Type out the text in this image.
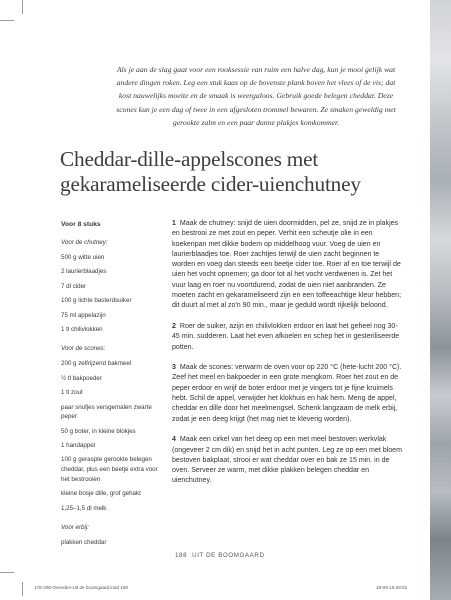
Als je aan de slag gaat voor een rooksessie van ruim een halve dag, kun je mooi gelijk wat andere dingen roken. Leg een stuk kaas op de bovenste plank boven het vlees of de vis; dat kost nauwelijks moeite en de smaak is weergaloos. Gebruik goede belegen cheddar. Deze scones kun je een dag of twee in een afgesloten trommel bewaren. Ze smaken geweldig met gerookte zalm en een paar dunne plakjes komkommer.

Cheddar-dille-appelscones met gekarameliseerde cider-uienchutney
Voor 8 stuks
Voor de chutney:
500 g witte uien
2 laurierblaadjes
7 dl cider
100 g lichte basterdsuiker
75 ml appelazijn
1 tl chilivlokken
Voor de scones:
200 g zelfrijzend bakmeel
½ tl bakpoeder
1 tl zout
paar snufjes versgemalen zwarte peper
50 g boter, in kleine blokjes
1 handappel
100 g geraspte gerookte belegen cheddar, plus een beetje extra voor het bestrooien
kleine bosje dille, grof gehakt
1,25–1,5 dl melk
Voor erbij:
plakken cheddar

1 Maak de chutney: snijd de uien doormidden, pel ze, snijd ze in plakjes en bestrooi ze met zout en peper. Verhit een scheutje olie in een koekenpan met dikke bodem op middelhoog vuur. Voeg de uien en laurierblaadjes toe. Roer zachtjes terwijl de uien zacht beginnen te worden en voeg dan steeds een beetje cider toe. Roer af en toe terwijl de uien het vocht opnemen; ga door tot al het vocht verdwenen is. Zet het vuur laag en roer nu voortdurend, zodat de uien niet aanbranden. Ze moeten zacht en gekarameliseerd zijn en een toffeeachtige kleur hebben; dit duurt al met al zo'n 90 min., maar je geduld wordt rijkelijk beloond.

2 Roer de suiker, azijn en chilivlokken erdoor en laat het geheel nog 30-45 min. sudderen. Laat het even afkoelen en schep het in gesteriliseerde potten.

3 Maak de scones: verwarm de oven voor op 220 °C (hete-lucht 200 °C). Zeef het meel en bakpoeder in een grote mengkom. Roer het zout en de peper erdoor en wrijf de boter erdoor met je vingers tot je fijne kruimels hebt. Schil de appel, verwijder het klokhuis en hak hem. Meng de appel, cheddar en dille door het meelmengsel. Schenk langzaam de melk erbij, zodat je een deeg krijgt (het mag niet te kleverig worden).

4 Maak een cirkel van het deeg op een met meel bestoven werkvlak (ongeveer 2 cm dik) en snijd het in acht punten. Leg ze op een met bloem bestoven bakplaat, strooi er wat cheddar over en bak ze 15 min. in de oven. Serveer ze warm, met dikke plakken belegen cheddar en uienchutney.

188 UIT DE BOOMGAARD
178-208-Ovenden-Uit de boomgaard.indd 188	19-09-16 08:02
